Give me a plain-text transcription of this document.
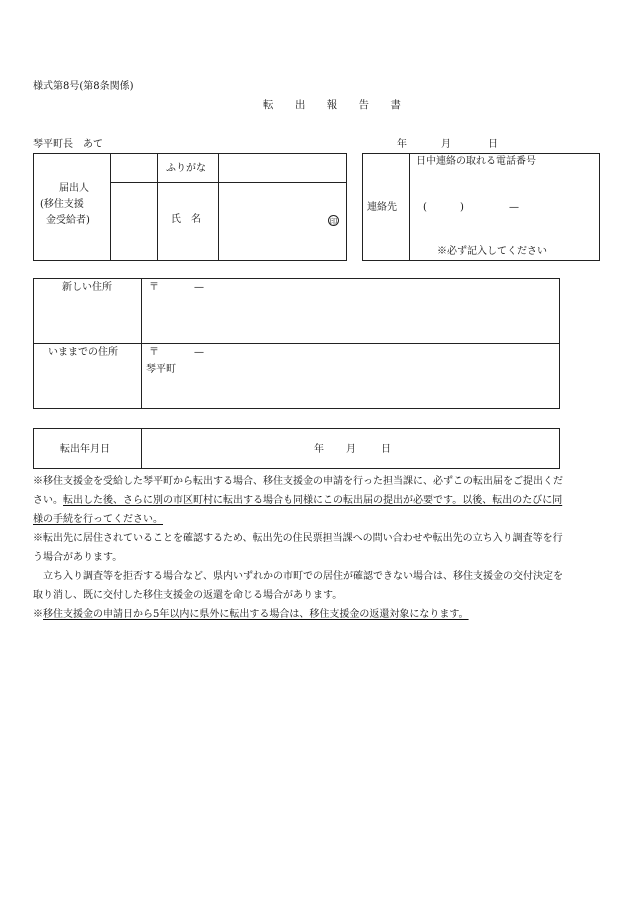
様式第8号(第8条関係)
転 出 報 告 書
琴平町長　あて	年	月	日
届出人
(移住支援
金受給者)
ふりがな
氏　名	印
連絡先
日中連絡の取れる電話番号
(	)	—
※必ず記入してください
新しい住所	〒	—
いままでの住所	〒	—
琴平町
転出年月日	年 月	日
※移住支援金を受給した琴平町から転出する場合、移住支援金の申請を行った担当課に、必ずこの転出届をご提出ください。転出した後、さらに別の市区町村に転出する場合も同様にこの転出届の提出が必要です。以後、転出のたびに同様の手続を行ってください。
※転出先に居住されていることを確認するため、転出先の住民票担当課への問い合わせや転出先の立ち入り調査等を行う場合があります。
　立ち入り調査等を拒否する場合など、県内いずれかの市町での居住が確認できない場合は、移住支援金の交付決定を取り消し、既に交付した移住支援金の返還を命じる場合があります。
※移住支援金の申請日から5年以内に県外に転出する場合は、移住支援金の返還対象になります。
